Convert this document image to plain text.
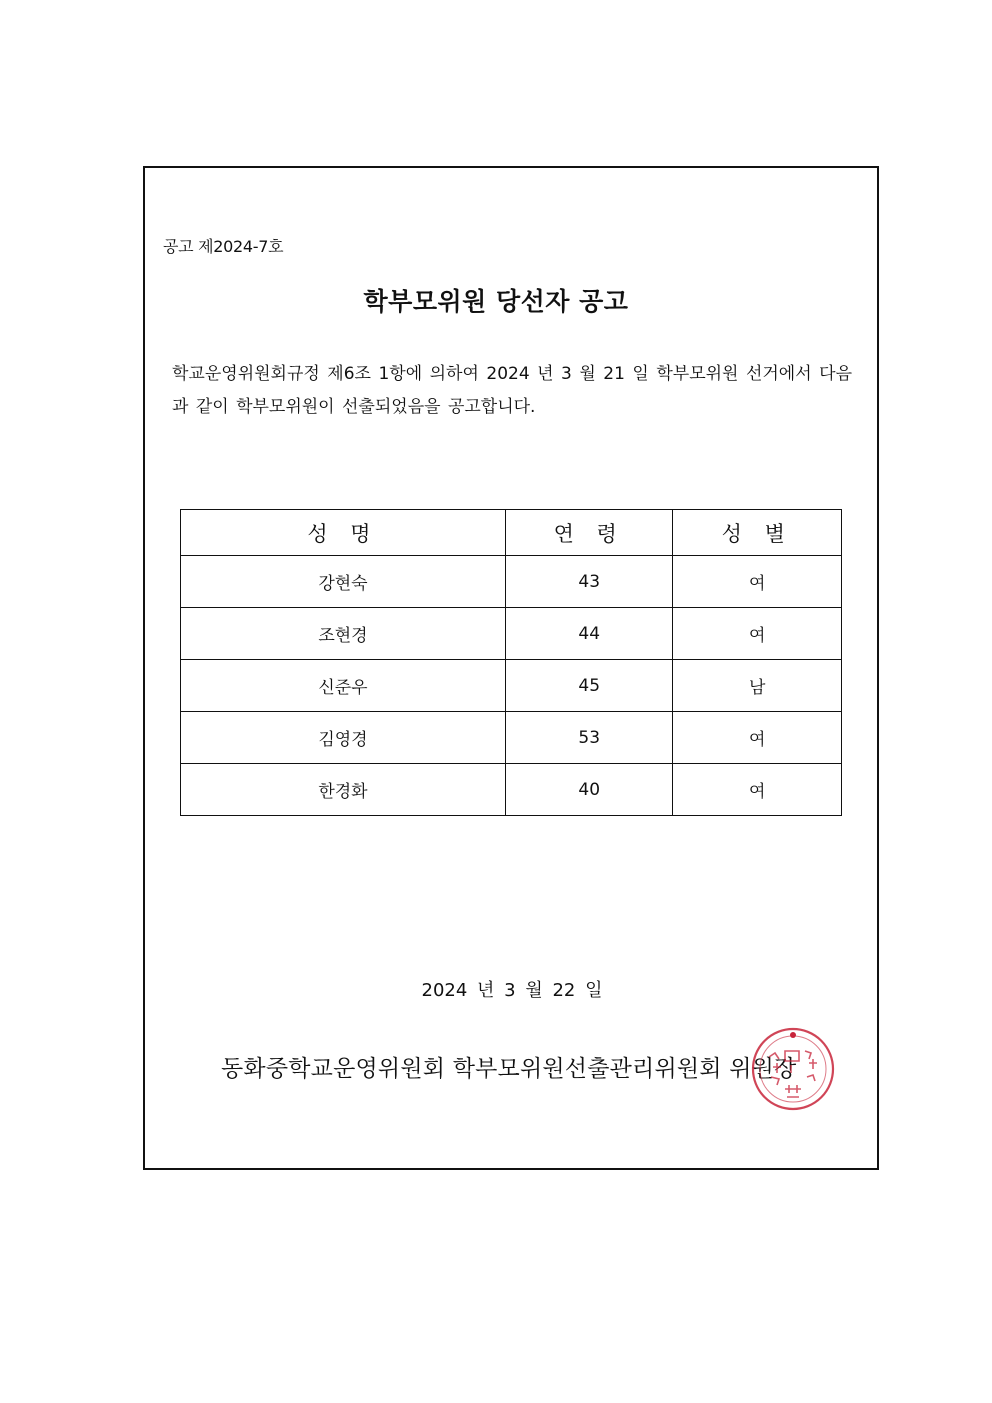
공고 제2024-7호
학부모위원 당선자 공고
학교운영위원회규정 제6조 1항에 의하여 2024 년 3 월 21 일 학부모위원 선거에서 다음과 같이 학부모위원이 선출되었음을 공고합니다.
성 명	연 령	성 별
강현숙	43	여
조현경	44	여
신준우	45	남
김영경	53	여
한경화	40	여
2024 년 3 월 22 일
동화중학교운영위원회 학부모위원선출관리위원회 위원장
